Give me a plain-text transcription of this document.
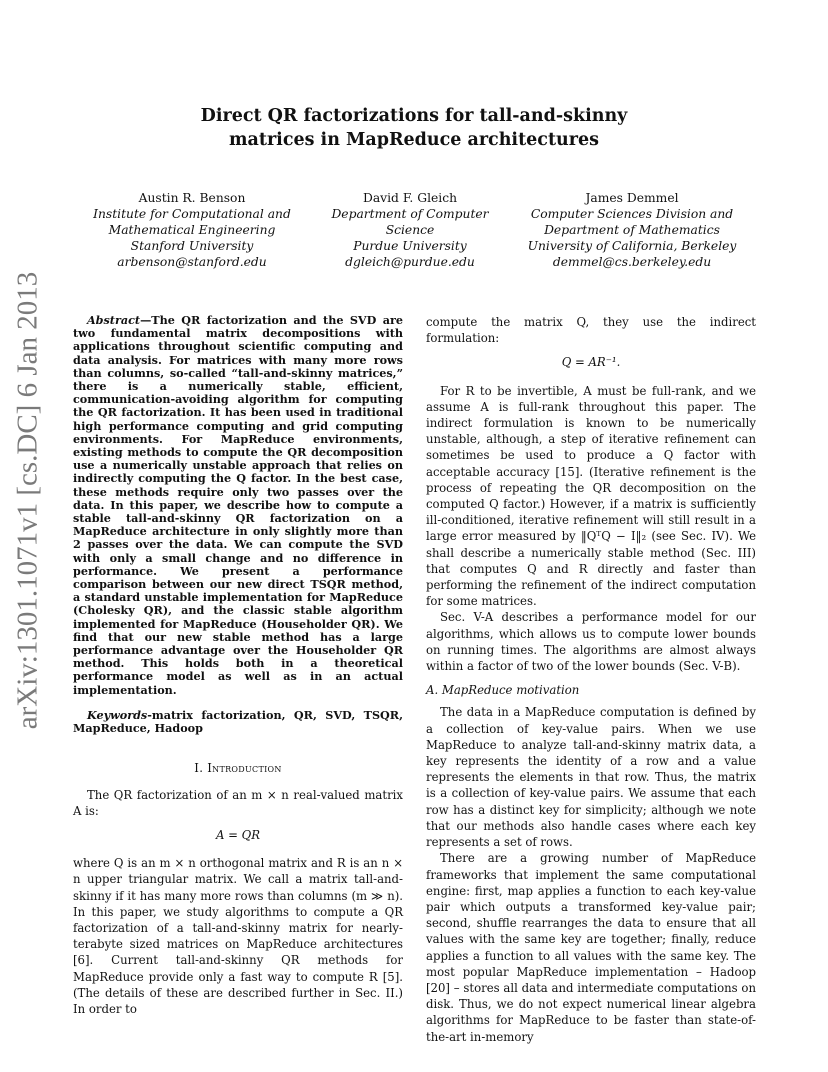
arXiv:1301.1071v1 [cs.DC] 6 Jan 2013
Direct QR factorizations for tall-and-skinny
matrices in MapReduce architectures
Austin R. Benson
Institute for Computational and
Mathematical Engineering
Stanford University
arbenson@stanford.edu
David F. Gleich
Department of Computer Science
Purdue University
dgleich@purdue.edu
James Demmel
Computer Sciences Division and
Department of Mathematics
University of California, Berkeley
demmel@cs.berkeley.edu

Abstract—The QR factorization and the SVD are two fundamental matrix decompositions with applications throughout scientific computing and data analysis. For matrices with many more rows than columns, so-called “tall-and-skinny matrices,” there is a numerically stable, efficient, communication-avoiding algorithm for computing the QR factorization. It has been used in traditional high performance computing and grid computing environments. For MapReduce environments, existing methods to compute the QR decomposition use a numerically unstable approach that relies on indirectly computing the Q factor. In the best case, these methods require only two passes over the data. In this paper, we describe how to compute a stable tall-and-skinny QR factorization on a MapReduce architecture in only slightly more than 2 passes over the data. We can compute the SVD with only a small change and no difference in performance. We present a performance comparison between our new direct TSQR method, a standard unstable implementation for MapReduce (Cholesky QR), and the classic stable algorithm implemented for MapReduce (Householder QR). We find that our new stable method has a large performance advantage over the Householder QR method. This holds both in a theoretical performance model as well as in an actual implementation.

Keywords-matrix factorization, QR, SVD, TSQR, MapReduce, Hadoop

I. Introduction

The QR factorization of an m × n real-valued matrix A is:

A = QR

where Q is an m × n orthogonal matrix and R is an n × n upper triangular matrix. We call a matrix tall-and-skinny if it has many more rows than columns (m ≫ n). In this paper, we study algorithms to compute a QR factorization of a tall-and-skinny matrix for nearly-terabyte sized matrices on MapReduce architectures [6]. Current tall-and-skinny QR methods for MapReduce provide only a fast way to compute R [5]. (The details of these are described further in Sec. II.) In order to

compute the matrix Q, they use the indirect formulation:

Q = AR⁻¹.

For R to be invertible, A must be full-rank, and we assume A is full-rank throughout this paper. The indirect formulation is known to be numerically unstable, although, a step of iterative refinement can sometimes be used to produce a Q factor with acceptable accuracy [15]. (Iterative refinement is the process of repeating the QR decomposition on the computed Q factor.) However, if a matrix is sufficiently ill-conditioned, iterative refinement will still result in a large error measured by ‖QᵀQ − I‖₂ (see Sec. IV). We shall describe a numerically stable method (Sec. III) that computes Q and R directly and faster than performing the refinement of the indirect computation for some matrices.

Sec. V-A describes a performance model for our algorithms, which allows us to compute lower bounds on running times. The algorithms are almost always within a factor of two of the lower bounds (Sec. V-B).

A. MapReduce motivation

The data in a MapReduce computation is defined by a collection of key-value pairs. When we use MapReduce to analyze tall-and-skinny matrix data, a key represents the identity of a row and a value represents the elements in that row. Thus, the matrix is a collection of key-value pairs. We assume that each row has a distinct key for simplicity; although we note that our methods also handle cases where each key represents a set of rows.

There are a growing number of MapReduce frameworks that implement the same computational engine: first, map applies a function to each key-value pair which outputs a transformed key-value pair; second, shuffle rearranges the data to ensure that all values with the same key are together; finally, reduce applies a function to all values with the same key. The most popular MapReduce implementation – Hadoop [20] – stores all data and intermediate computations on disk. Thus, we do not expect numerical linear algebra algorithms for MapReduce to be faster than state-of-the-art in-memory
